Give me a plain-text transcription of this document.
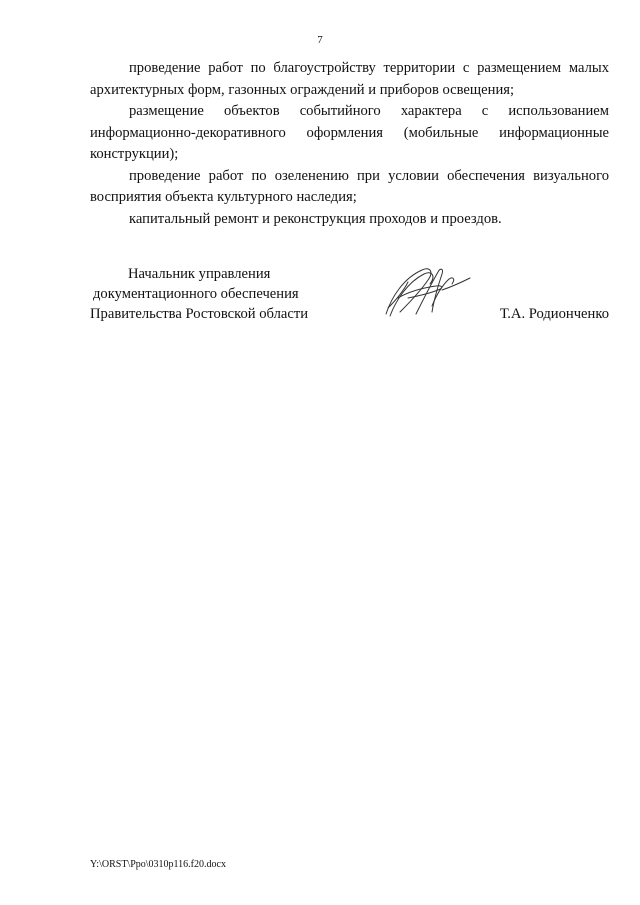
7

проведение работ по благоустройству территории с размещением малых архитектурных форм, газонных ограждений и приборов освещения;

размещение объектов событийного характера с использованием информационно-декоративного оформления (мобильные информационные конструкции);

проведение работ по озеленению при условии обеспечения визуального восприятия объекта культурного наследия;

капитальный ремонт и реконструкция проходов и проездов.

Начальник управления
документационного обеспечения
Правительства Ростовской области	Т.А. Родионченко
Y:\ORST\Ppo\0310p116.f20.docx
